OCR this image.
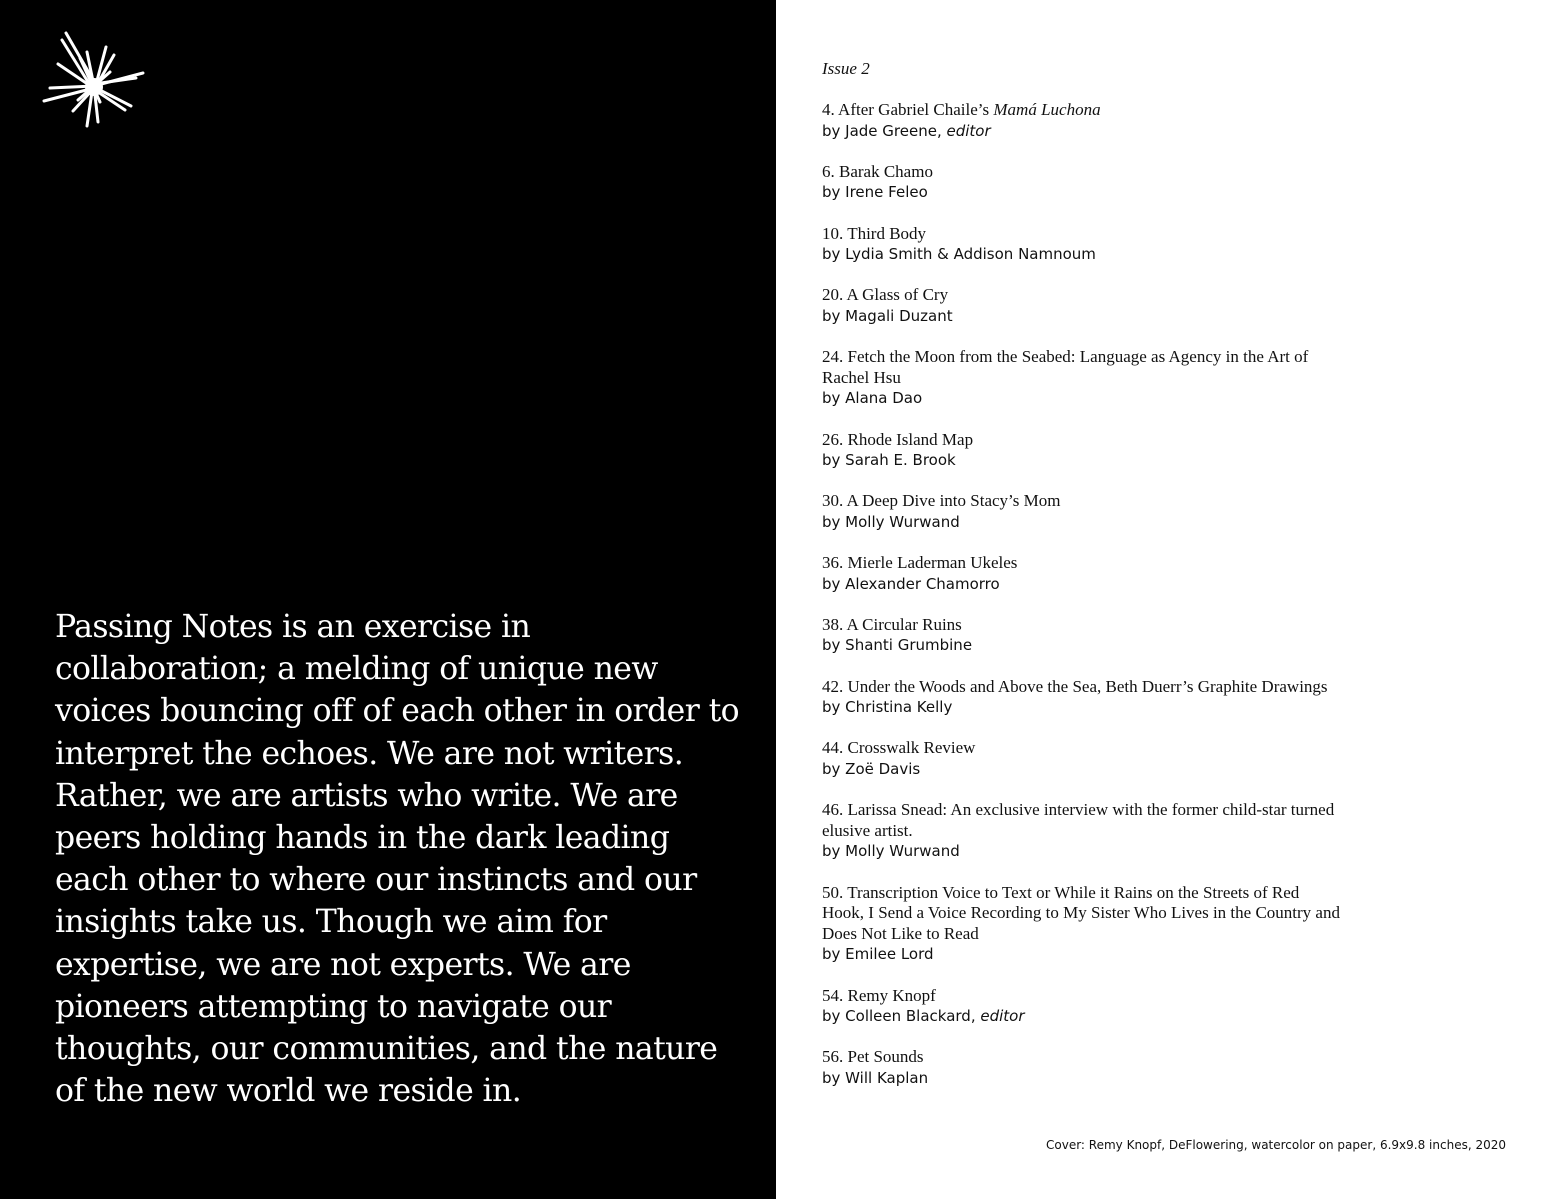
Passing Notes is an exercise in collaboration; a melding of unique new voices bouncing off of each other in order to interpret the echoes. We are not writers. Rather, we are artists who write. We are peers holding hands in the dark leading each other to where our instincts and our insights take us. Though we aim for expertise, we are not experts. We are pioneers attempting to navigate our thoughts, our communities, and the nature of the new world we reside in.

Issue 2

4. After Gabriel Chaile’s Mamá Luchona
by Jade Greene, editor
6. Barak Chamo
by Irene Feleo
10. Third Body
by Lydia Smith & Addison Namnoum
20. A Glass of Cry
by Magali Duzant
24. Fetch the Moon from the Seabed: Language as Agency in the Art of Rachel Hsu
by Alana Dao
26. Rhode Island Map
by Sarah E. Brook
30. A Deep Dive into Stacy’s Mom
by Molly Wurwand
36. Mierle Laderman Ukeles
by Alexander Chamorro
38. A Circular Ruins
by Shanti Grumbine
42. Under the Woods and Above the Sea, Beth Duerr’s Graphite Drawings
by Christina Kelly
44. Crosswalk Review
by Zoë Davis
46. Larissa Snead: An exclusive interview with the former child-star turned elusive artist.
by Molly Wurwand
50. Transcription Voice to Text or While it Rains on the Streets of Red Hook, I Send a Voice Recording to My Sister Who Lives in the Country and Does Not Like to Read
by Emilee Lord
54. Remy Knopf
by Colleen Blackard, editor
56. Pet Sounds
by Will Kaplan

Cover: Remy Knopf, DeFlowering, watercolor on paper, 6.9x9.8 inches, 2020
